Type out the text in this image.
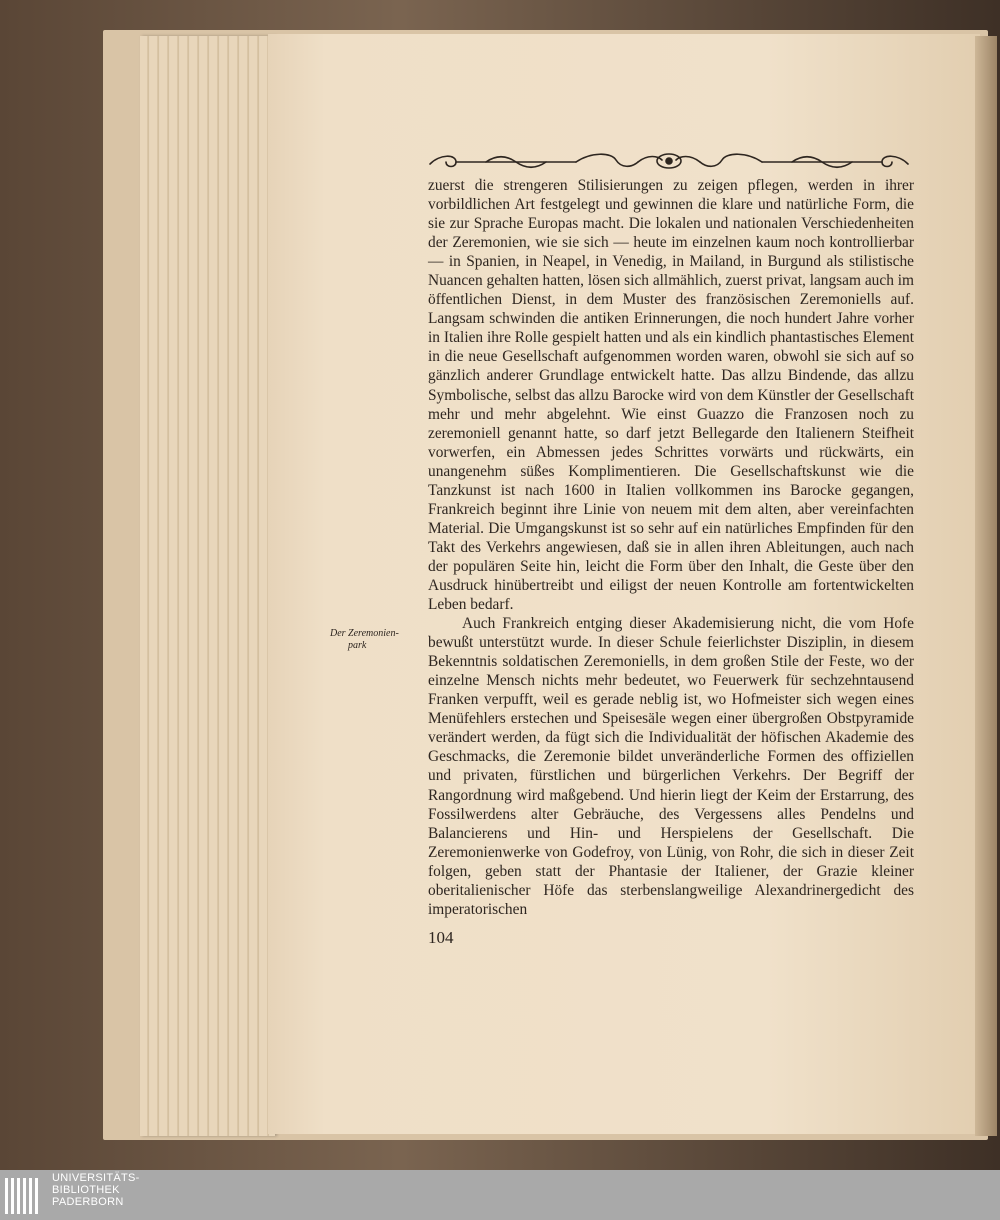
zuerst die strengeren Stilisierungen zu zeigen pflegen, werden in ihrer vorbildlichen Art festgelegt und gewinnen die klare und natürliche Form, die sie zur Sprache Europas macht. Die lokalen und nationalen Verschiedenheiten der Zeremonien, wie sie sich — heute im einzelnen kaum noch kontrollierbar — in Spanien, in Neapel, in Venedig, in Mailand, in Burgund als stilistische Nuancen gehalten hatten, lösen sich allmählich, zuerst privat, langsam auch im öffentlichen Dienst, in dem Muster des französischen Zeremoniells auf. Langsam schwinden die antiken Erinnerungen, die noch hundert Jahre vorher in Italien ihre Rolle gespielt hatten und als ein kindlich phantastisches Element in die neue Gesellschaft aufgenommen worden waren, obwohl sie sich auf so gänzlich anderer Grundlage entwickelt hatte. Das allzu Bindende, das allzu Symbolische, selbst das allzu Barocke wird von dem Künstler der Gesellschaft mehr und mehr abgelehnt. Wie einst Guazzo die Franzosen noch zu zeremoniell genannt hatte, so darf jetzt Bellegarde den Italienern Steifheit vorwerfen, ein Abmessen jedes Schrittes vorwärts und rückwärts, ein unangenehm süßes Komplimentieren. Die Gesellschaftskunst wie die Tanzkunst ist nach 1600 in Italien vollkommen ins Barocke gegangen, Frankreich beginnt ihre Linie von neuem mit dem alten, aber vereinfachten Material. Die Umgangskunst ist so sehr auf ein natürliches Empfinden für den Takt des Verkehrs angewiesen, daß sie in allen ihren Ableitungen, auch nach der populären Seite hin, leicht die Form über den Inhalt, die Geste über den Ausdruck hinübertreibt und eiligst der neuen Kontrolle am fortentwickelten Leben bedarf.

Auch Frankreich entging dieser Akademisierung nicht, die vom Hofe bewußt unterstützt wurde. In dieser Schule feierlichster Disziplin, in diesem Bekenntnis soldatischen Zeremoniells, in dem großen Stile der Feste, wo der einzelne Mensch nichts mehr bedeutet, wo Feuerwerk für sechzehntausend Franken verpufft, weil es gerade neblig ist, wo Hofmeister sich wegen eines Menüfehlers erstechen und Speisesäle wegen einer übergroßen Obstpyramide verändert werden, da fügt sich die Individualität der höfischen Akademie des Geschmacks, die Zeremonie bildet unveränderliche Formen des offiziellen und privaten, fürstlichen und bürgerlichen Verkehrs. Der Begriff der Rangordnung wird maßgebend. Und hierin liegt der Keim der Erstarrung, des Fossilwerdens alter Gebräuche, des Vergessens alles Pendelns und Balancierens und Hin- und Herspielens der Gesellschaft. Die Zeremonienwerke von Godefroy, von Lünig, von Rohr, die sich in dieser Zeit folgen, geben statt der Phantasie der Italiener, der Grazie kleiner oberitalienischer Höfe das sterbenslangweilige Alexandrinergedicht des imperatorischen

Der Zeremonien-
park
104
UNIVERSITÄTS-
BIBLIOTHEK
PADERBORN
